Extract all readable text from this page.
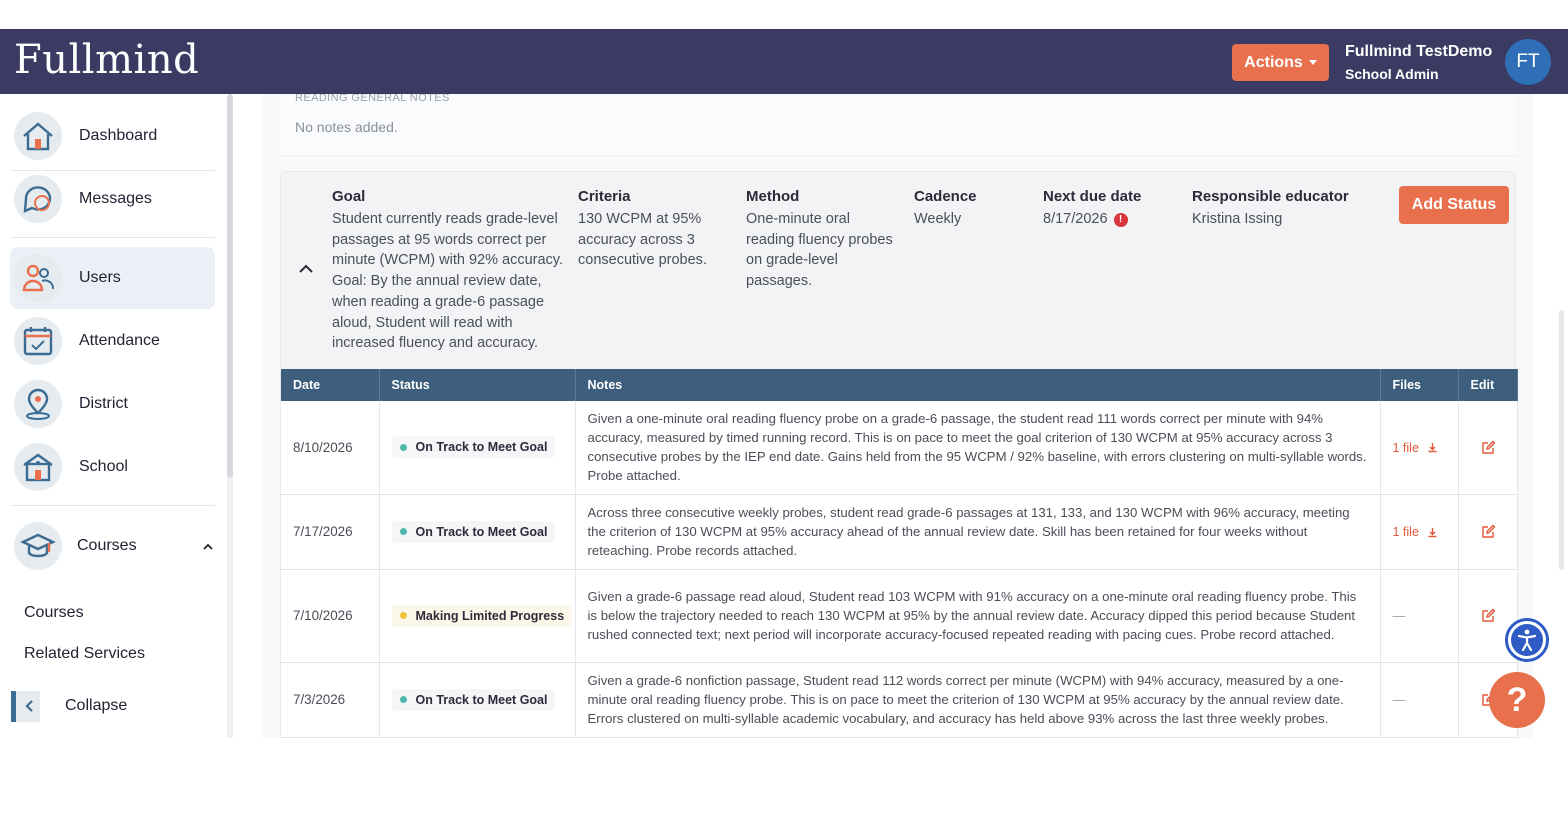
Fullmind	Actions
Fullmind TestDemo
School Admin
FT
Dashboard
Messages
Users
Attendance
District
School
Courses
Courses
Related Services
Collapse
READING GENERAL NOTES
No notes added.
Goal
Student currently reads grade-level passages at 95 words correct per minute (WCPM) with 92% accuracy. Goal: By the annual review date, when reading a grade-6 passage aloud, Student will read with increased fluency and accuracy.
Criteria
130 WCPM at 95% accuracy across 3 consecutive probes.
Method
One-minute oral reading fluency probes on grade-level passages.
Cadence
Weekly
Next due date
8/17/2026 !
Responsible educator
Kristina Issing
Add Status
Date	Status	Notes	Files	Edit
8/10/2026	On Track to Meet Goal	Given a one-minute oral reading fluency probe on a grade-6 passage, the student read 111 words correct per minute with 94% accuracy, measured by timed running record. This is on pace to meet the goal criterion of 130 WCPM at 95% accuracy across 3 consecutive probes by the IEP end date. Gains held from the 95 WCPM / 92% baseline, with errors clustering on multi-syllable words. Probe attached.	1 file

7/17/2026	On Track to Meet Goal	Across three consecutive weekly probes, student read grade-6 passages at 131, 133, and 130 WCPM with 96% accuracy, meeting the criterion of 130 WCPM at 95% accuracy ahead of the annual review date. Skill has been retained for four weeks without reteaching. Probe records attached.	1 file

7/10/2026	Making Limited Progress	Given a grade-6 passage read aloud, Student read 103 WCPM with 91% accuracy on a one-minute oral reading fluency probe. This is below the trajectory needed to reach 130 WCPM at 95% by the annual review date. Accuracy dipped this period because Student rushed connected text; next period will incorporate accuracy-focused repeated reading with pacing cues. Probe record attached.	—	

7/3/2026	On Track to Meet Goal	Given a grade-6 nonfiction passage, Student read 112 words correct per minute (WCPM) with 94% accuracy, measured by a one-minute oral reading fluency probe. This is on pace to meet the criterion of 130 WCPM at 95% accuracy by the annual review date. Errors clustered on multi-syllable academic vocabulary, and accuracy has held above 93% across the last three weekly probes.	—		?
